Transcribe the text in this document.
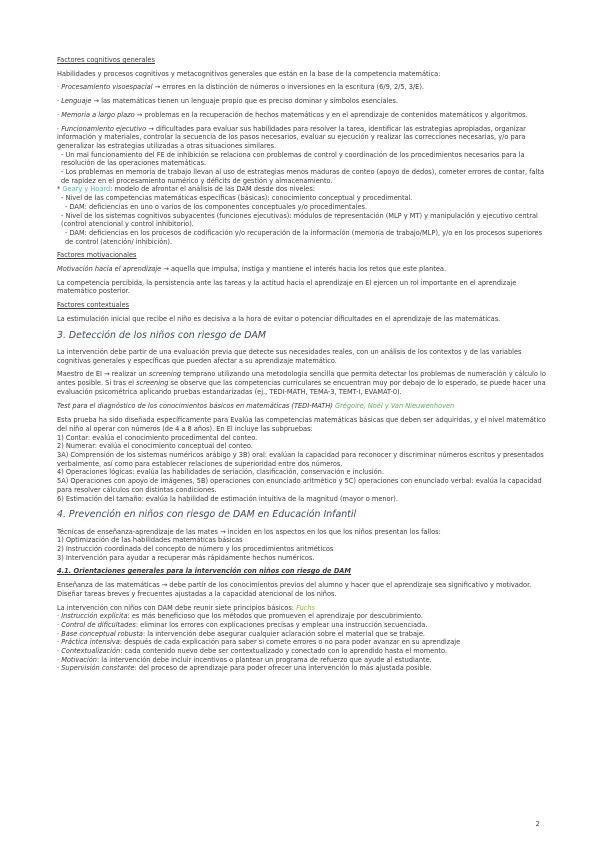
Factores cognitivos generales

Habilidades y procesos cognitivos y metacognitivos generales que están en la base de la competencia matemática:

· Procesamiento visoespacial → errores en la distinción de números o inversiones en la escritura (6/9, 2/5, 3/E).

· Lenguaje → las matemáticas tienen un lenguaje propio que es preciso dominar y símbolos esenciales.

· Memoria a largo plazo → problemas en la recuperación de hechos matemáticos y en el aprendizaje de contenidos matemáticos y algoritmos.

· Funcionamiento ejecutivo → dificultades para evaluar sus habilidades para resolver la tarea, identificar las estrategias apropiadas, organizar información y materiales, controlar la secuencia de los pasos necesarios, evaluar su ejecución y realizar las correcciones necesarias, y/o para generalizar las estrategias utilizadas a otras situaciones similares.

- Un mal funcionamiento del FE de inhibición se relaciona con problemas de control y coordinación de los procedimientos necesarios para la resolución de las operaciones matemáticas.

- Los problemas en memoria de trabajo llevan al uso de estrategias menos maduras de conteo (apoyo de dedos), cometer errores de contar, falta de rapidez en el procesamiento numérico y déficits de gestión y almacenamiento.

* Geary y Hoard: modelo de afrontar el análisis de las DAM desde dos niveles:

- Nivel de las competencias matemáticas específicas (básicas): conocimiento conceptual y procedimental.

- DAM: deficiencias en uno o varios de los componentes conceptuales y/o procedimentales.

- Nivel de los sistemas cognitivos subyacentes (funciones ejecutivas): módulos de representación (MLP y MT) y manipulación y ejecutivo central (control atencional y control inhibitorio).

- DAM: deficiencias en los procesos de codificación y/o recuperación de la información (memoria de trabajo/MLP), y/o en los procesos superiores de control (atención/ inhibición).

Factores motivacionales

Motivación hacia el aprendizaje → aquella que impulsa, instiga y mantiene el interés hacia los retos que este plantea.

La competencia percibida, la persistencia ante las tareas y la actitud hacia el aprendizaje en El ejercen un rol importante en el aprendizaje matemático posterior.

Factores contextuales

La estimulación inicial que recibe el niño es decisiva a la hora de evitar o potenciar dificultades en el aprendizaje de las matemáticas.

3. Detección de los niños con riesgo de DAM

La intervención debe partir de una evaluación previa que detecte sus necesidades reales, con un análisis de los contextos y de las variables cognitivas generales y específicas que pueden afectar a su aprendizaje matemático.

Maestro de EI → realizar un screening temprano utilizando una metodología sencilla que permita detectar los problemas de numeración y cálculo lo antes posible. Si tras el screening se observe que las competencias curriculares se encuentran muy por debajo de lo esperado, se puede hacer una evaluación psicométrica aplicando pruebas estandarizadas (ej., TEDI-MATH, TEMA-3, TEMT-I, EVAMAT-0).

Test para el diagnóstico de los conocimientos básicos en matemáticas (TEDI-MATH) Grégoire, Noël y Van Nieuwenhoven

Esta prueba ha sido diseñada específicamente para Evalúa las competencias matemáticas básicas que deben ser adquiridas, y el nivel matemático del niño al operar con números (de 4 a 8 años). En El incluye las subpruebas:

1) Contar: evalúa el conocimiento procedimental del conteo.

2) Numerar: evalúa el conocimiento conceptual del conteo.

3A) Comprensión de los sistemas numéricos arábigo y 3B) oral: evalúan la capacidad para reconocer y discriminar números escritos y presentados verbalmente, así como para establecer relaciones de superioridad entre dos números.

4) Operaciones lógicas: evalúa las habilidades de seriación, clasificación, conservación e inclusión.

5A) Operaciones con apoyo de imágenes, 5B) operaciones con enunciado aritmético y 5C) operaciones con enunciado verbal: evalúa la capacidad para resolver cálculos con distintas condiciones.

6) Estimación del tamaño: evalúa la habilidad de estimación intuitiva de la magnitud (mayor o menor).

4. Prevención en niños con riesgo de DAM en Educación Infantil

Técnicas de enseñanza-aprendizaje de las mates → inciden en los aspectos en los que los niños presentan los fallos:

1) Optimización de las habilidades matemáticas básicas

2) Instrucción coordinada del concepto de número y los procedimientos aritméticos

3) Intervención para ayudar a recuperar más rápidamente hechos numéricos.

4.1. Orientaciones generales para la intervención con niños con riesgo de DAM

Enseñanza de las matemáticas → debe partir de los conocimientos previos del alumno y hacer que el aprendizaje sea significativo y motivador. Diseñar tareas breves y frecuentes ajustadas a la capacidad atencional de los niños.

La intervención con niños con DAM debe reunir siete principios básicos: Fuchs

· Instrucción explícita: es más beneficioso que los métodos que promueven el aprendizaje por descubrimiento.

· Control de dificultades: eliminar los errores con explicaciones precisas y emplear una instrucción secuenciada.

· Base conceptual robusta: la intervención debe asegurar cualquier aclaración sobre el material que se trabaje.

· Práctica intensiva: después de cada explicación para saber si comete errores o no para poder avanzar en su aprendizaje

· Contextualización: cada contenido nuevo debe ser contextualizado y conectado con lo aprendido hasta el momento.

· Motivación: la intervención debe incluir incentivos o plantear un programa de refuerzo que ayude al estudiante.

· Supervisión constante: del proceso de aprendizaje para poder ofrecer una intervención lo más ajustada posible.

2
